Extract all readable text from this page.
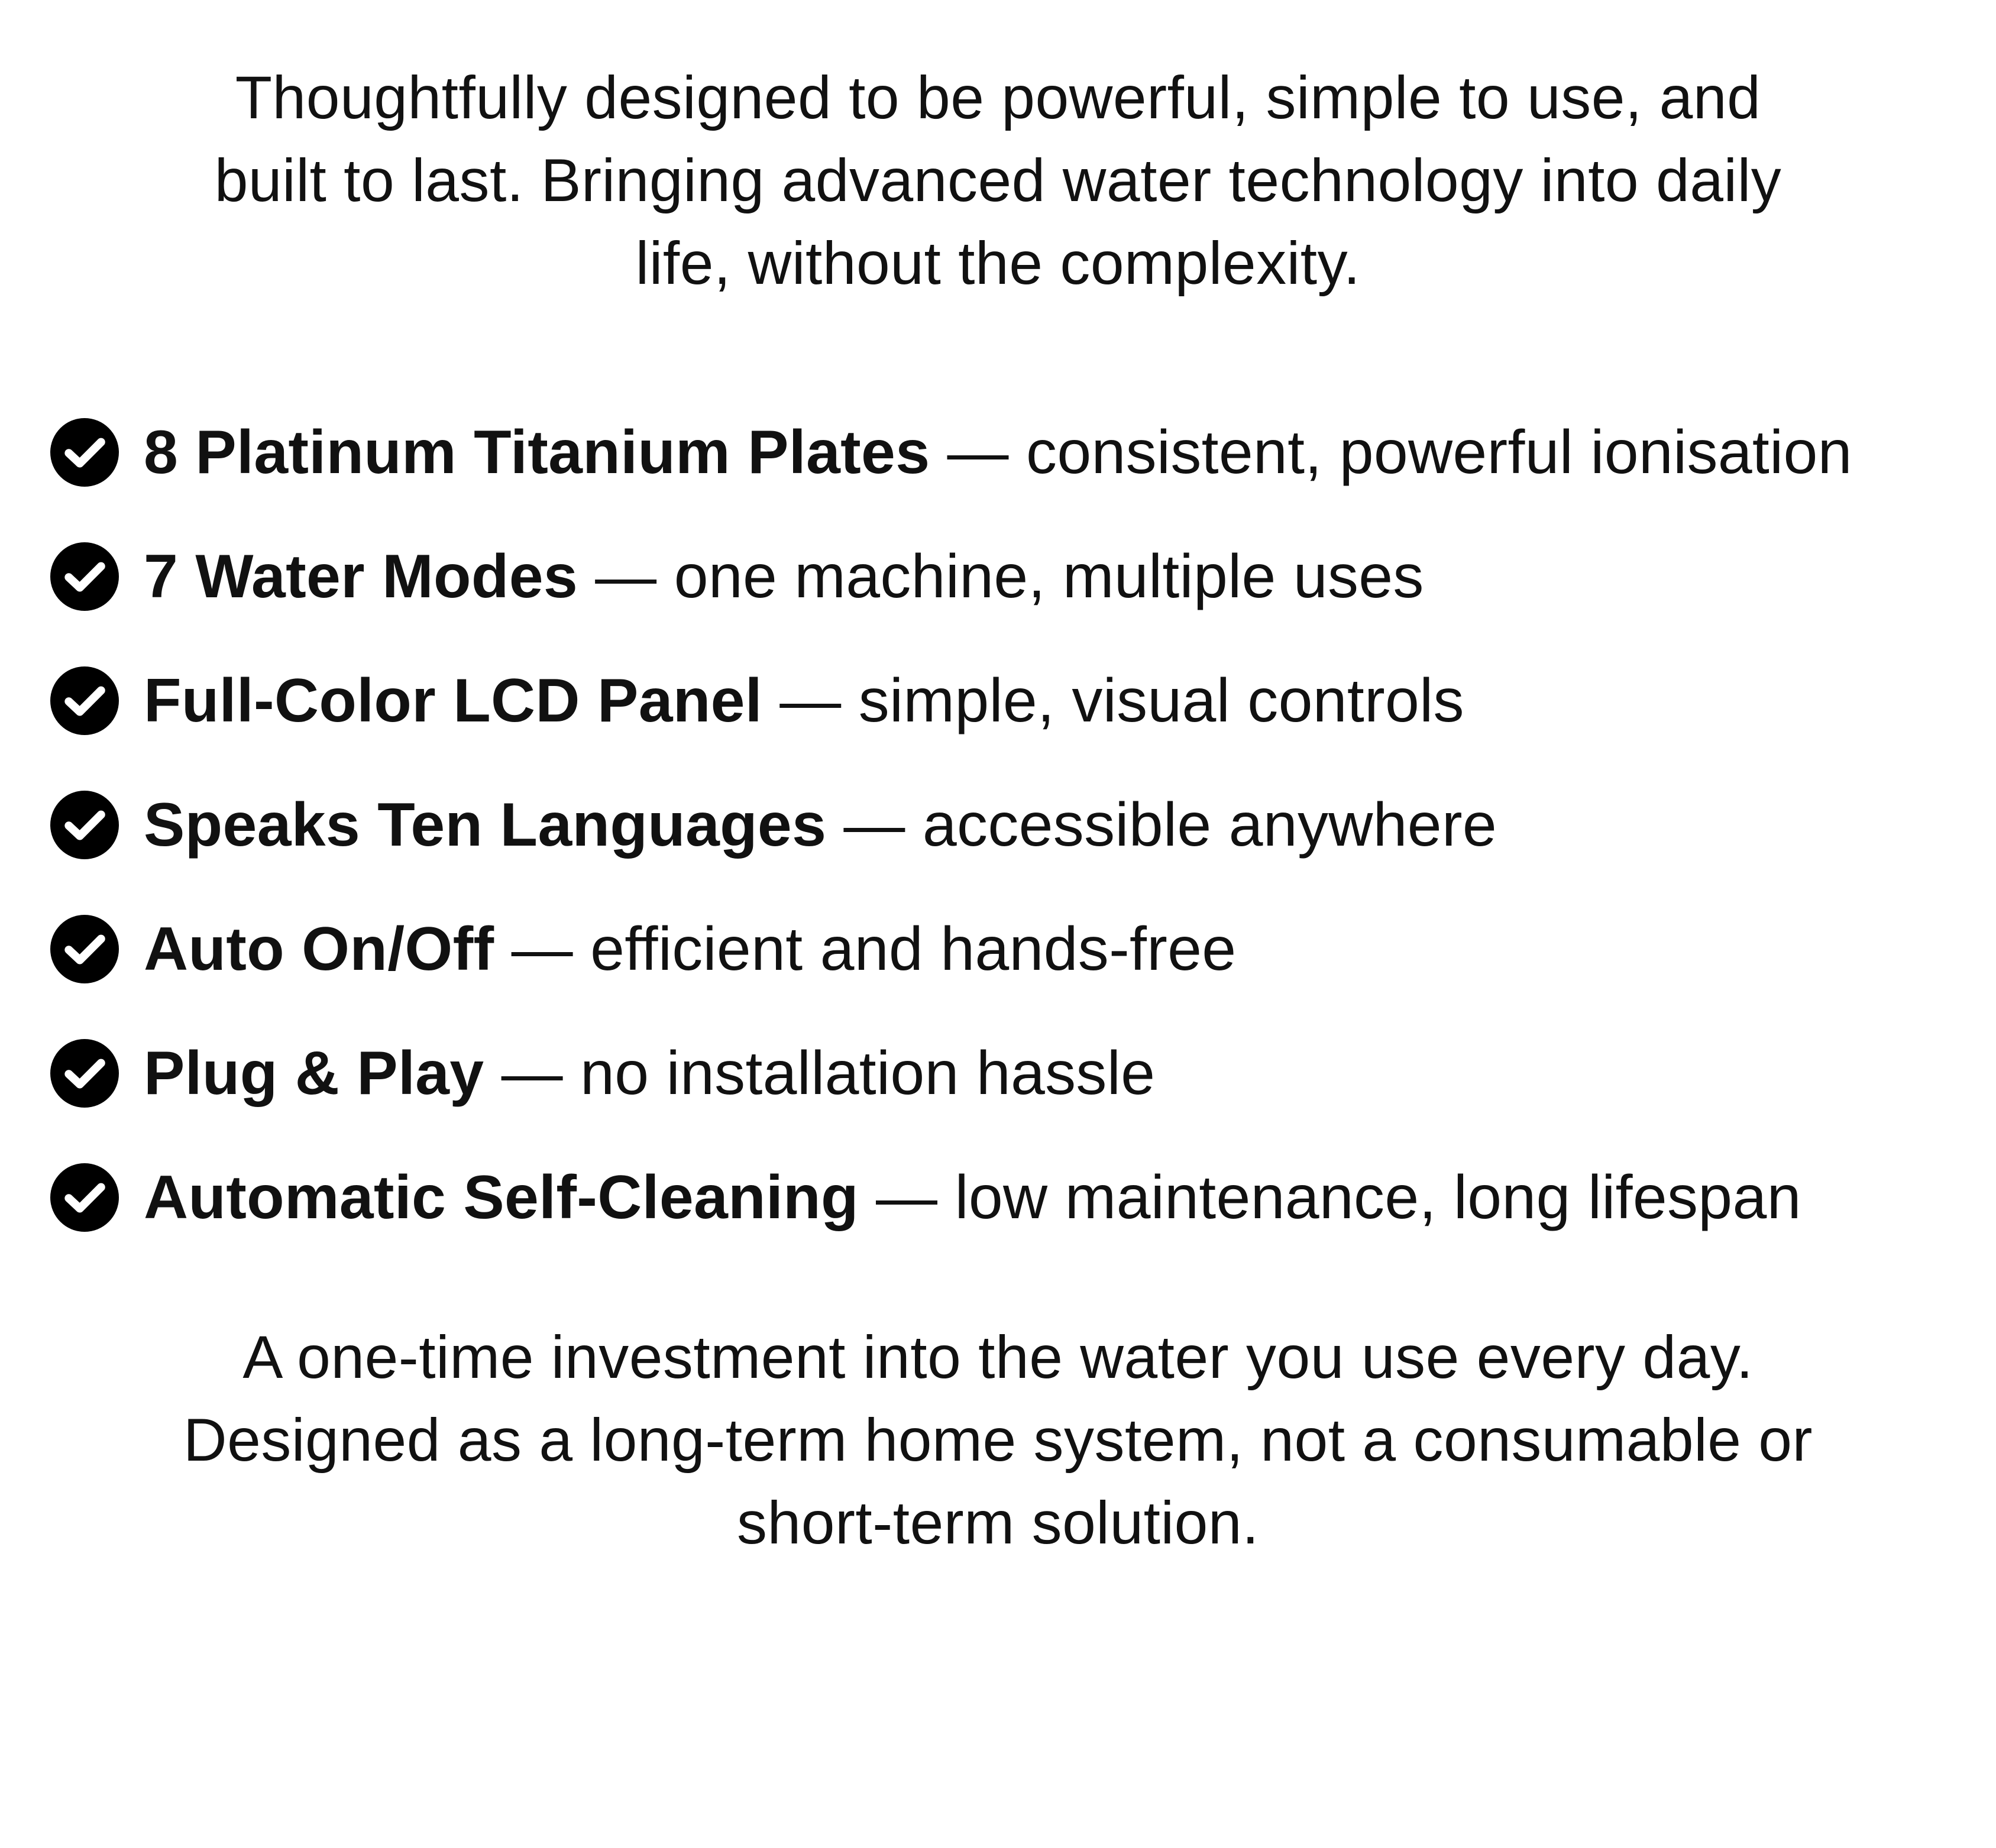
Thoughtfully designed to be powerful, simple to use, and
built to last. Bringing advanced water technology into daily
life, without the complexity.

8 Platinum Titanium Plates — consistent, powerful ionisation
7 Water Modes — one machine, multiple uses
Full-Color LCD Panel — simple, visual controls
Speaks Ten Languages — accessible anywhere
Auto On/Off — efficient and hands-free
Plug & Play — no installation hassle
Automatic Self-Cleaning — low maintenance, long lifespan

A one-time investment into the water you use every day.
Designed as a long-term home system, not a consumable or
short-term solution.
